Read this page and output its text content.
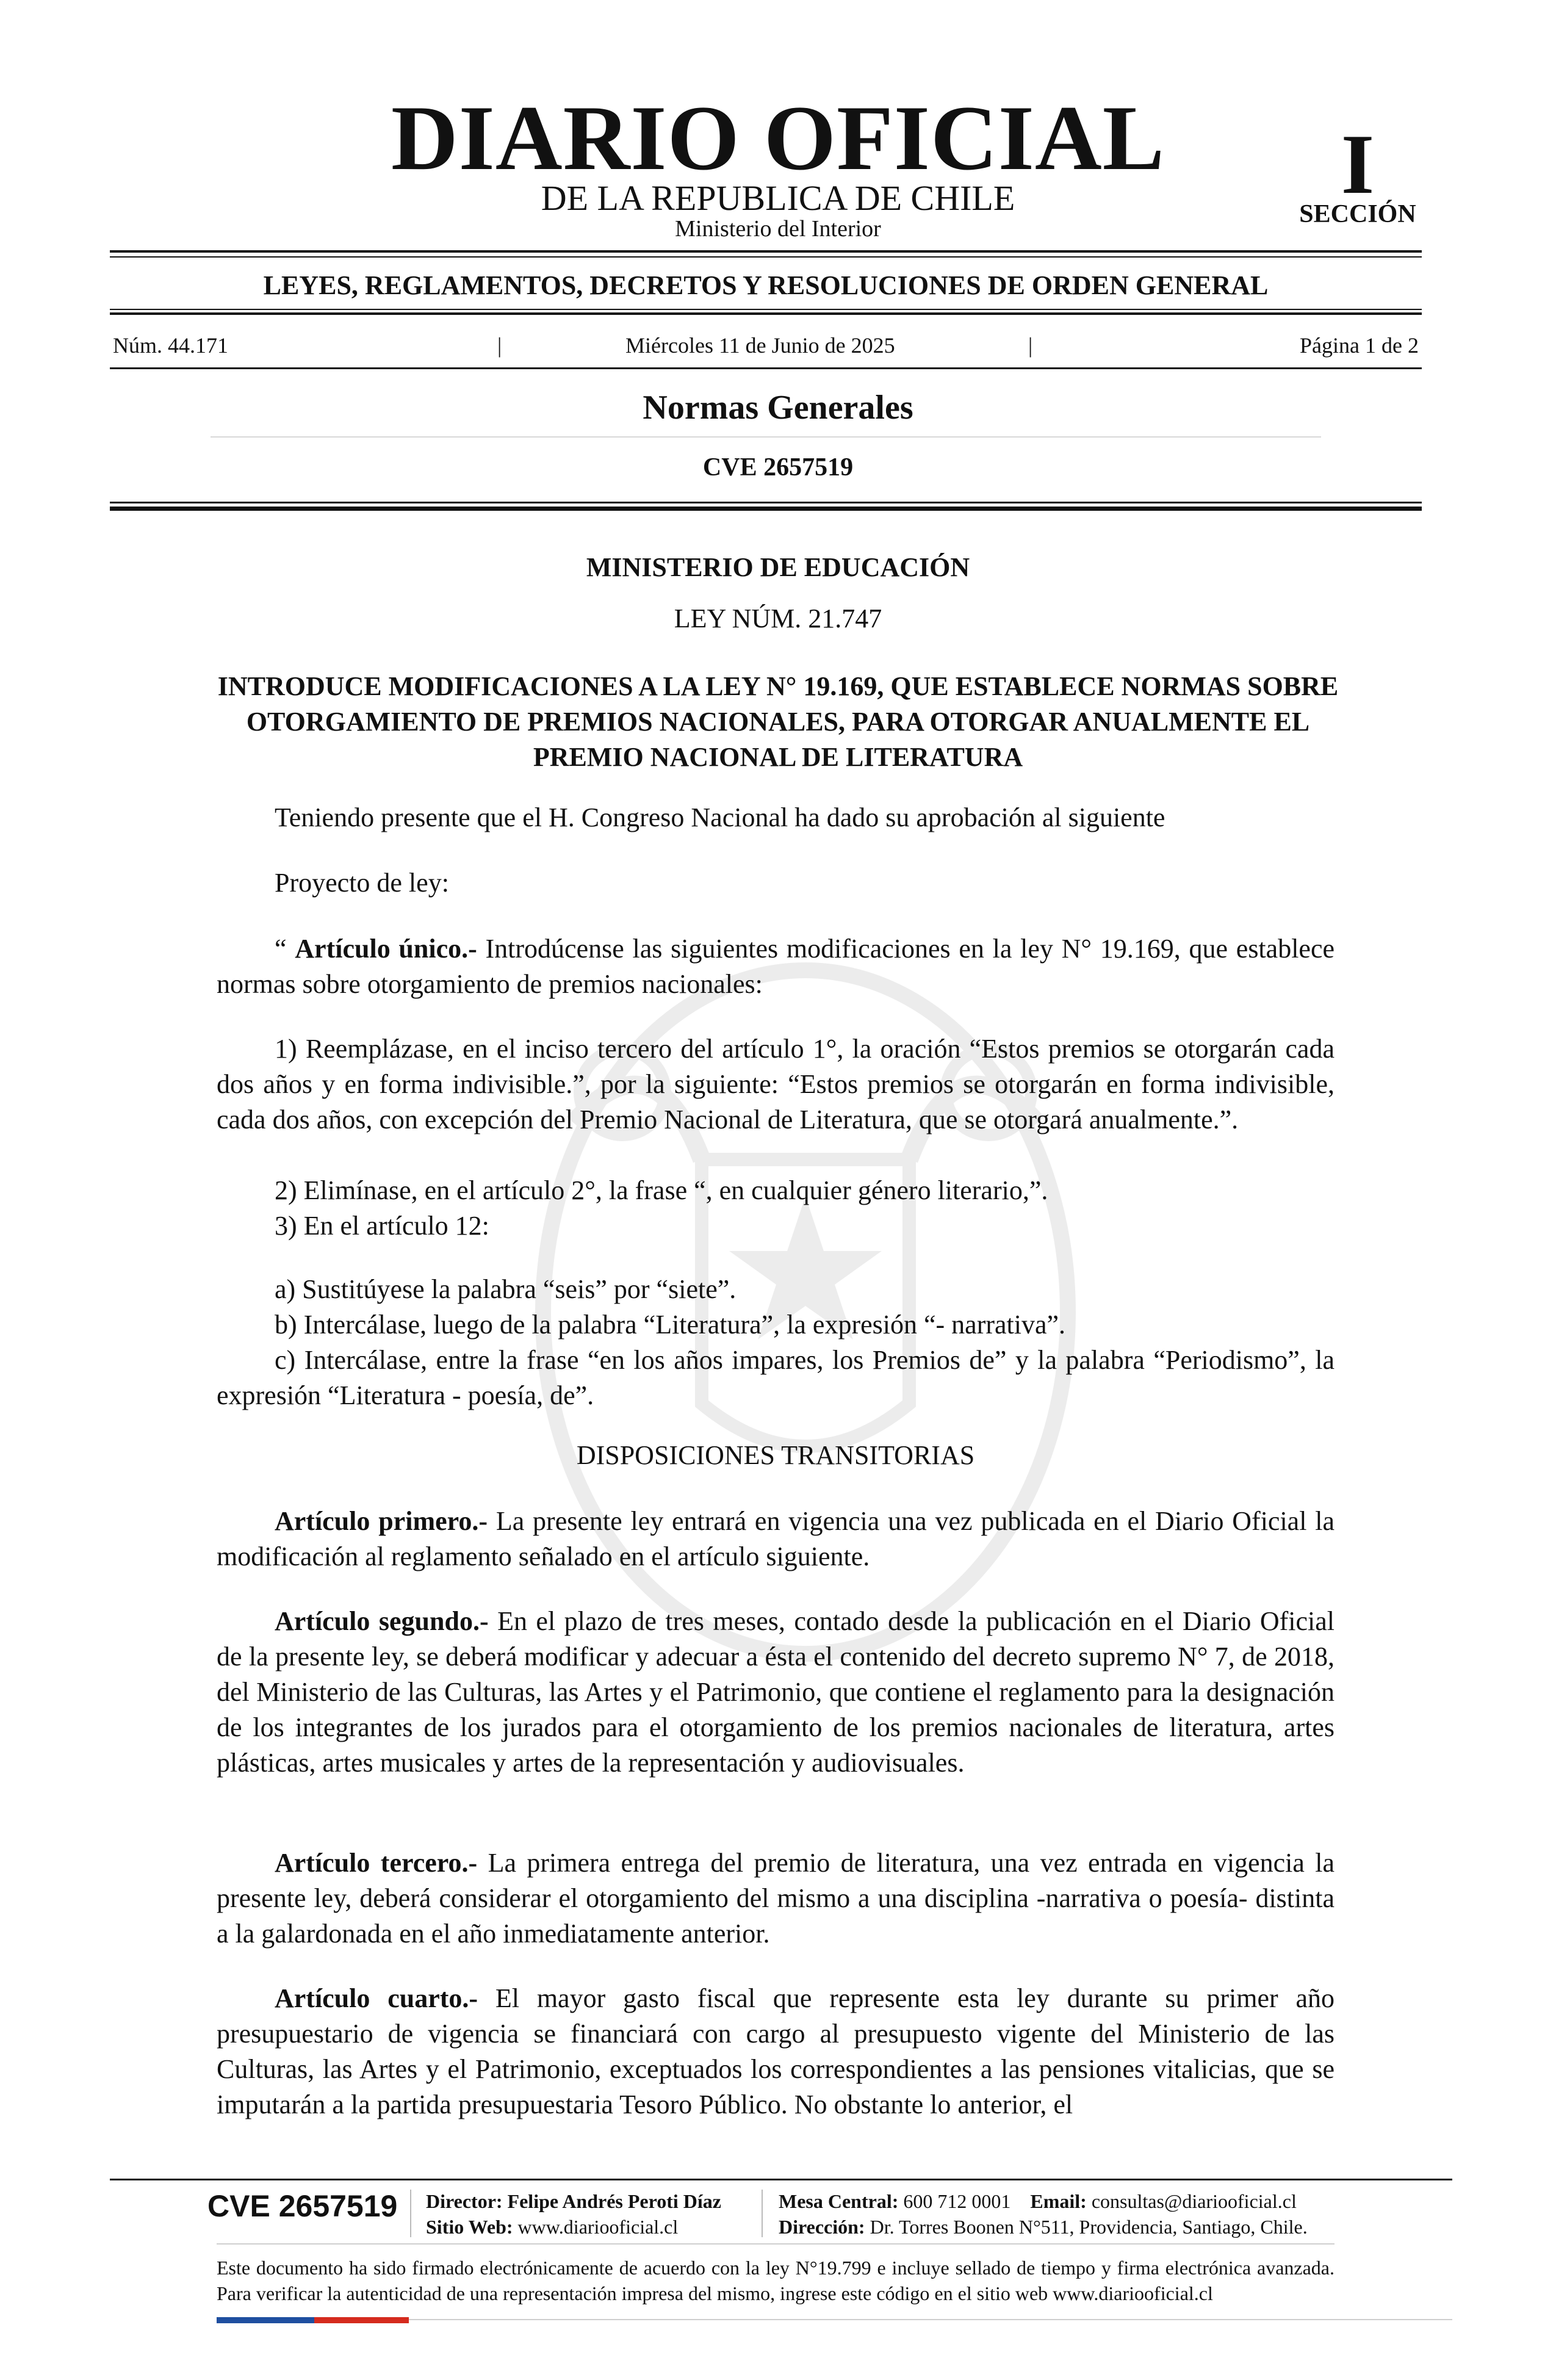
DIARIO OFICIAL
DE LA REPUBLICA DE CHILE
Ministerio del Interior
I
SECCIÓN
LEYES, REGLAMENTOS, DECRETOS Y RESOLUCIONES DE ORDEN GENERAL
Núm. 44.171	|	Miércoles 11 de Junio de 2025	|	Página 1 de 2
Normas Generales
CVE 2657519
MINISTERIO DE EDUCACIÓN
LEY NÚM. 21.747
INTRODUCE MODIFICACIONES A LA LEY N° 19.169, QUE ESTABLECE NORMAS SOBRE OTORGAMIENTO DE PREMIOS NACIONALES, PARA OTORGAR ANUALMENTE EL PREMIO NACIONAL DE LITERATURA
Teniendo presente que el H. Congreso Nacional ha dado su aprobación al siguiente
Proyecto de ley:
“ Artículo único.- Introdúcense las siguientes modificaciones en la ley N° 19.169, que establece normas sobre otorgamiento de premios nacionales:
1) Reemplázase, en el inciso tercero del artículo 1°, la oración “Estos premios se otorgarán cada dos años y en forma indivisible.”, por la siguiente: “Estos premios se otorgarán en forma indivisible, cada dos años, con excepción del Premio Nacional de Literatura, que se otorgará anualmente.”.
2) Elimínase, en el artículo 2°, la frase “, en cualquier género literario,”.
3) En el artículo 12:
a) Sustitúyese la palabra “seis” por “siete”.
b) Intercálase, luego de la palabra “Literatura”, la expresión “- narrativa”.
c) Intercálase, entre la frase “en los años impares, los Premios de” y la palabra “Periodismo”, la expresión “Literatura - poesía, de”.
DISPOSICIONES TRANSITORIAS
Artículo primero.- La presente ley entrará en vigencia una vez publicada en el Diario Oficial la modificación al reglamento señalado en el artículo siguiente.
Artículo segundo.- En el plazo de tres meses, contado desde la publicación en el Diario Oficial de la presente ley, se deberá modificar y adecuar a ésta el contenido del decreto supremo N° 7, de 2018, del Ministerio de las Culturas, las Artes y el Patrimonio, que contiene el reglamento para la designación de los integrantes de los jurados para el otorgamiento de los premios nacionales de literatura, artes plásticas, artes musicales y artes de la representación y audiovisuales.
Artículo tercero.- La primera entrega del premio de literatura, una vez entrada en vigencia la presente ley, deberá considerar el otorgamiento del mismo a una disciplina -narrativa o poesía- distinta a la galardonada en el año inmediatamente anterior.
Artículo cuarto.- El mayor gasto fiscal que represente esta ley durante su primer año presupuestario de vigencia se financiará con cargo al presupuesto vigente del Ministerio de las Culturas, las Artes y el Patrimonio, exceptuados los correspondientes a las pensiones vitalicias, que se imputarán a la partida presupuestaria Tesoro Público. No obstante lo anterior, el
CVE 2657519 Director: Felipe Andrés Peroti Díaz
Sitio Web: www.diariooficial.cl
Mesa Central: 600 712 0001 Email: consultas@diariooficial.cl
Dirección: Dr. Torres Boonen N°511, Providencia, Santiago, Chile.
Este documento ha sido firmado electrónicamente de acuerdo con la ley N°19.799 e incluye sellado de tiempo y firma electrónica avanzada. Para verificar la autenticidad de una representación impresa del mismo, ingrese este código en el sitio web www.diariooficial.cl
